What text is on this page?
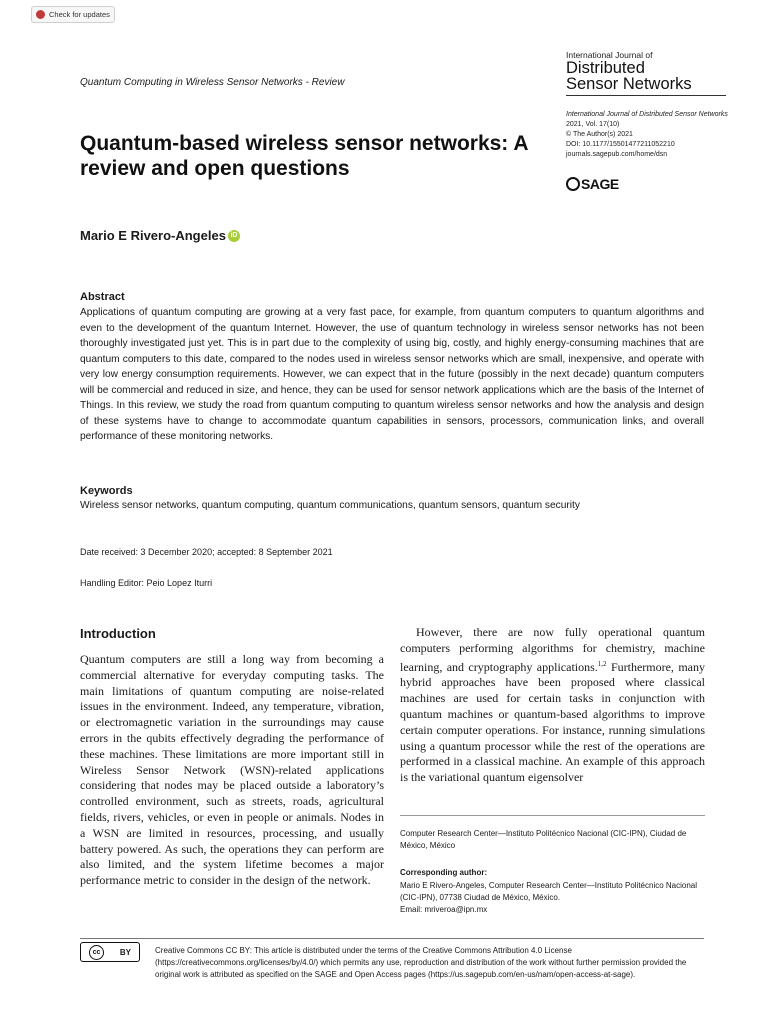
Check for updates
Quantum Computing in Wireless Sensor Networks - Review
International Journal of
Distributed
Sensor Networks
International Journal of Distributed Sensor Networks
2021, Vol. 17(10)
© The Author(s) 2021
DOI: 10.1177/15501477211052210
journals.sagepub.com/home/dsn
SAGE
Quantum-based wireless sensor networks: A review and open questions
Mario E Rivero-Angeles iD
Abstract

Applications of quantum computing are growing at a very fast pace, for example, from quantum computers to quantum algorithms and even to the development of the quantum Internet. However, the use of quantum technology in wireless sensor networks has not been thoroughly investigated just yet. This is in part due to the complexity of using big, costly, and highly energy-consuming machines that are quantum computers to this date, compared to the nodes used in wireless sensor networks which are small, inexpensive, and operate with very low energy consumption requirements. However, we can expect that in the future (possibly in the next decade) quantum computers will be commercial and reduced in size, and hence, they can be used for sensor network applications which are the basis of the Internet of Things. In this review, we study the road from quantum computing to quantum wireless sensor networks and how the analysis and design of these systems have to change to accommodate quantum capabilities in sensors, processors, communication links, and overall performance of these monitoring networks.

Keywords
Wireless sensor networks, quantum computing, quantum communications, quantum sensors, quantum security
Date received: 3 December 2020; accepted: 8 September 2021
Handling Editor: Peio Lopez Iturri
Introduction

Quantum computers are still a long way from becoming a commercial alternative for everyday computing tasks. The main limitations of quantum computing are noise-related issues in the environment. Indeed, any temperature, vibration, or electromagnetic variation in the surroundings may cause errors in the qubits effectively degrading the performance of these machines. These limitations are more important still in Wireless Sensor Network (WSN)-related applications considering that nodes may be placed outside a laboratory’s controlled environment, such as streets, roads, agricultural fields, rivers, vehicles, or even in people or animals. Nodes in a WSN are limited in resources, processing, and usually battery powered. As such, the operations they can perform are also limited, and the system lifetime becomes a major performance metric to consider in the design of the network.

However, there are now fully operational quantum computers performing algorithms for chemistry, machine learning, and cryptography applications.$^{1,2}$ Furthermore, many hybrid approaches have been proposed where classical machines are used for certain tasks in conjunction with quantum machines or quantum-based algorithms to improve certain computer operations. For instance, running simulations using a quantum processor while the rest of the operations are performed in a classical machine. An example of this approach is the variational quantum eigensolver

Computer Research Center—Instituto Politécnico Nacional (CIC-IPN), Ciudad de México, México
Corresponding author:
Mario E Rivero-Angeles, Computer Research Center—Instituto Politécnico Nacional (CIC-IPN), 07738 Ciudad de México, México.
Email: mriveroa@ipn.mx
cc	BY	Creative Commons CC BY: This article is distributed under the terms of the Creative Commons Attribution 4.0 License (https://creativecommons.org/licenses/by/4.0/) which permits any use, reproduction and distribution of the work without further permission provided the original work is attributed as specified on the SAGE and Open Access pages (https://us.sagepub.com/en-us/nam/open-access-at-sage).
